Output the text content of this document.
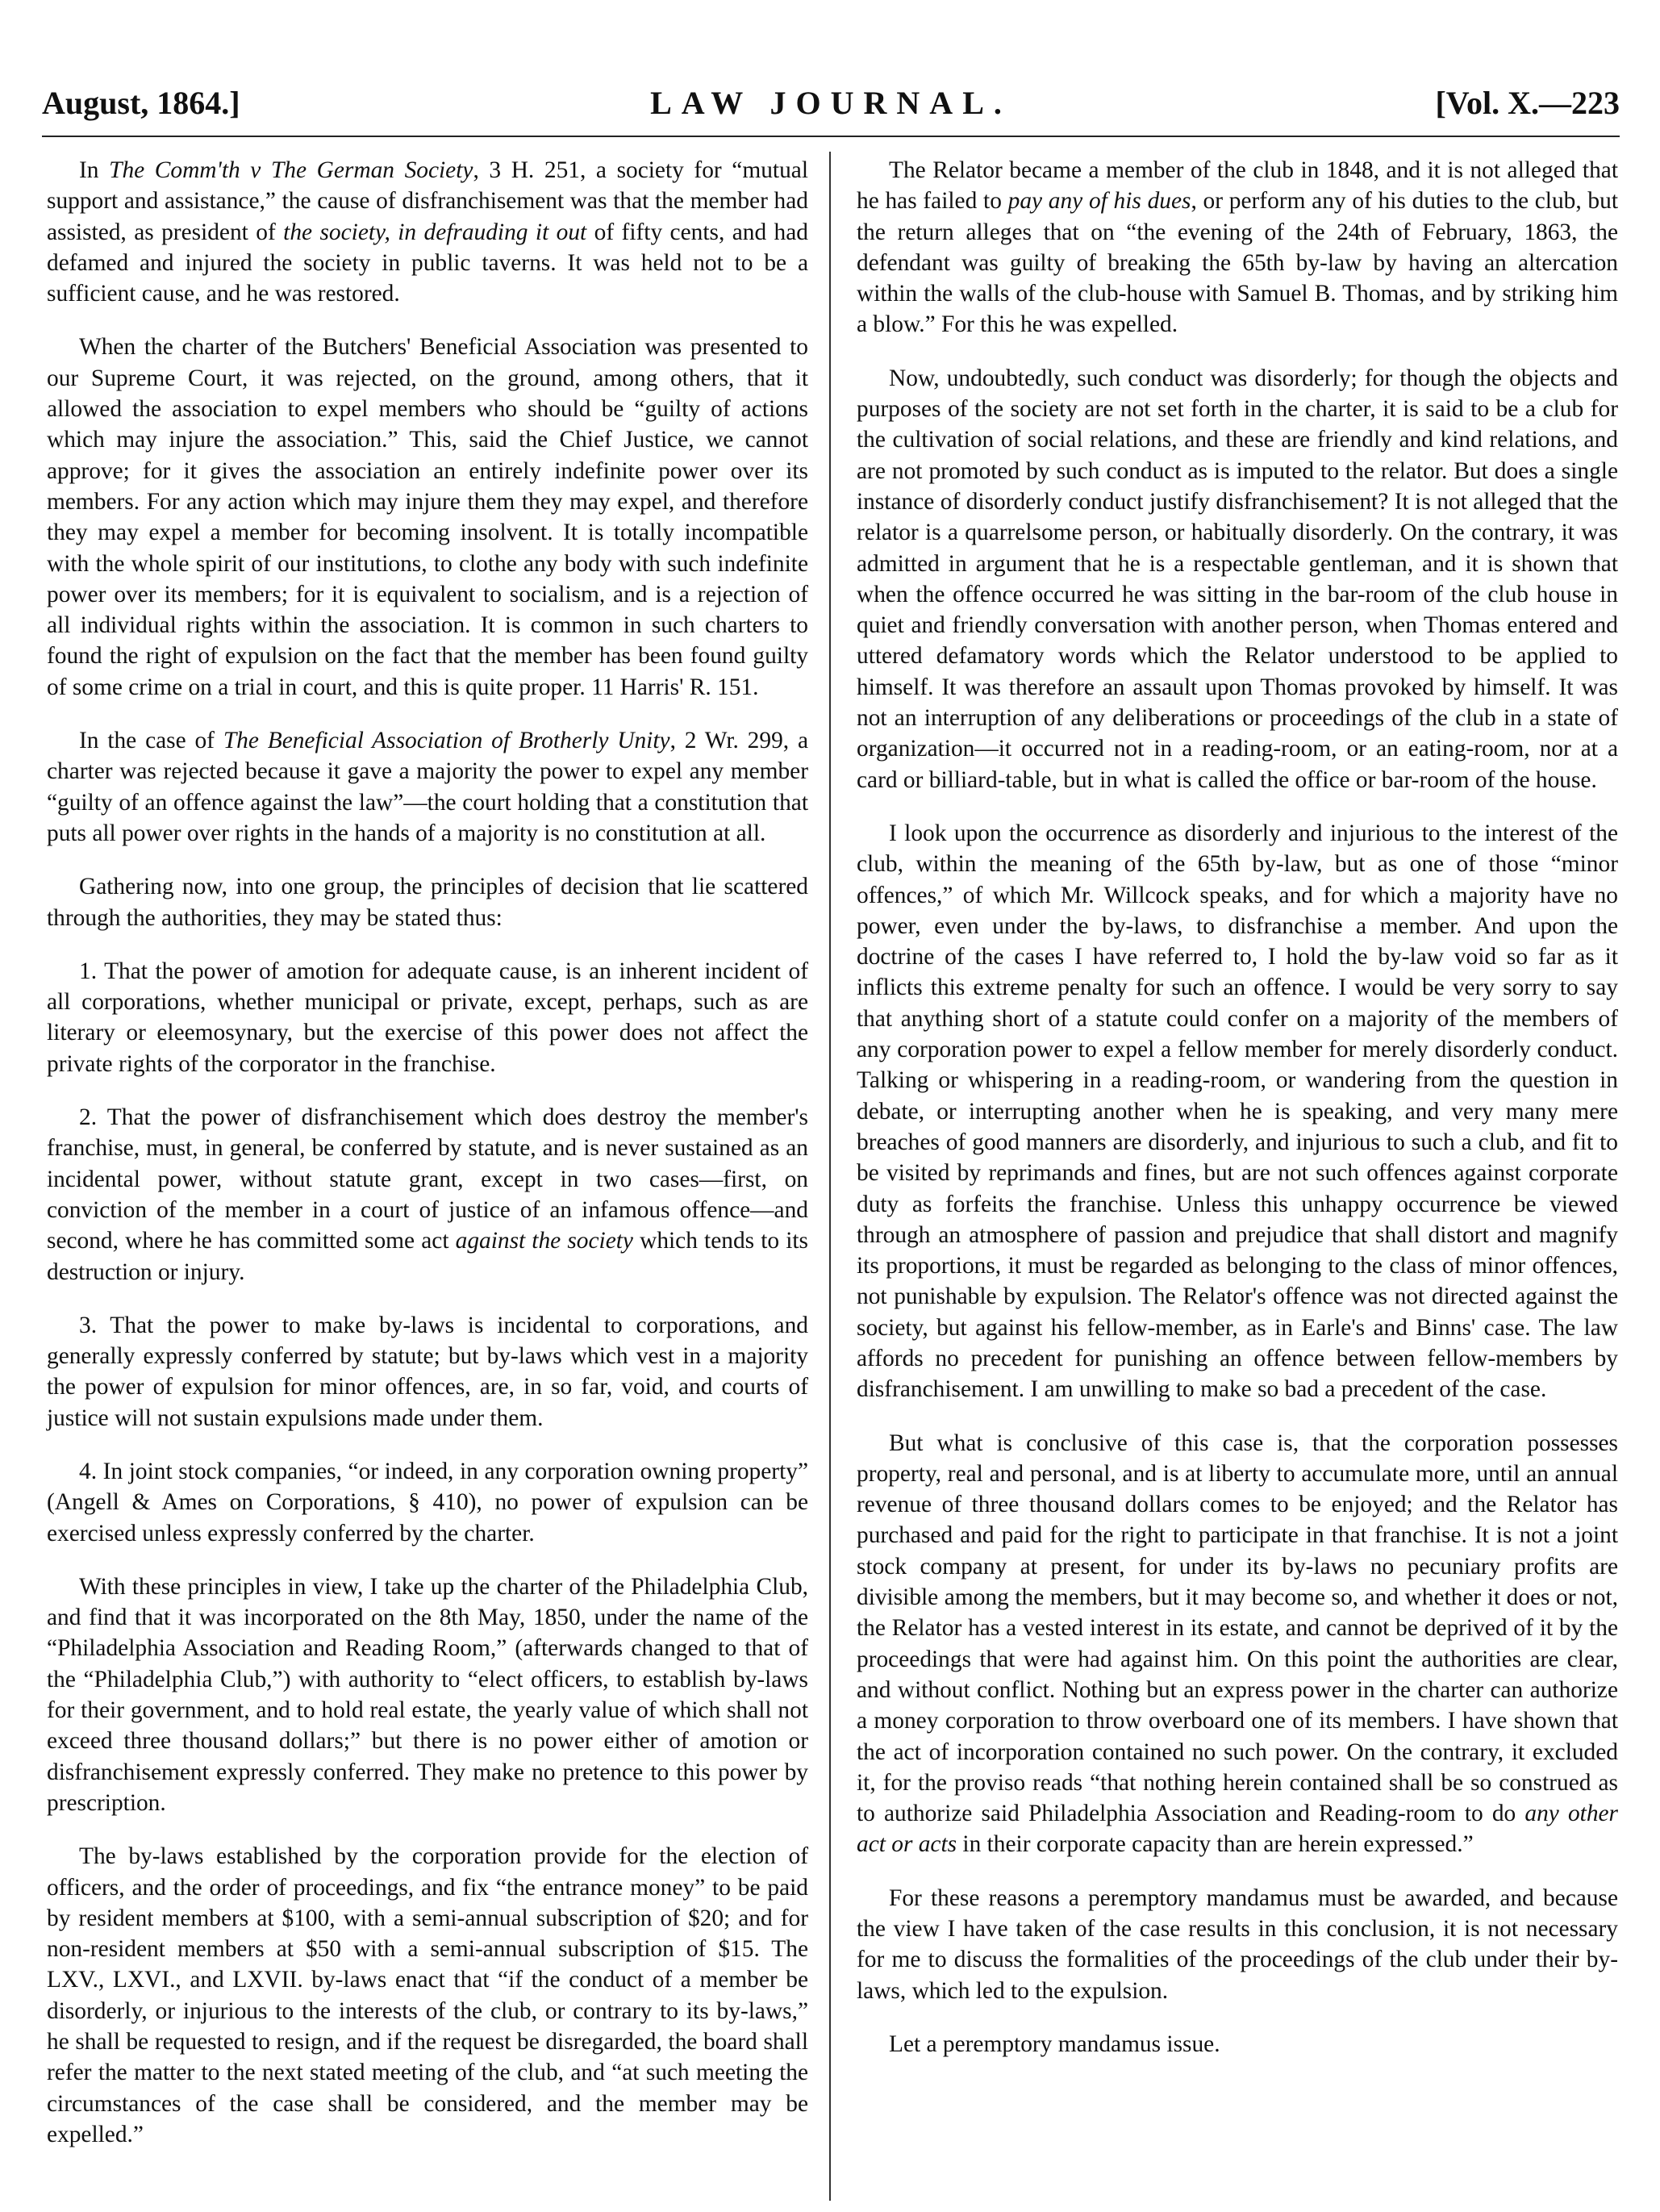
August, 1864.]	LAW JOURNAL.	[Vol. X.—223

In The Comm'th v The German Society, 3 H. 251, a society for “mutual support and assistance,” the cause of disfranchisement was that the member had assisted, as president of the society, in defrauding it out of fifty cents, and had defamed and injured the society in public taverns. It was held not to be a sufficient cause, and he was restored.

When the charter of the Butchers' Beneficial Association was presented to our Supreme Court, it was rejected, on the ground, among others, that it allowed the association to expel members who should be “guilty of actions which may injure the association.” This, said the Chief Justice, we cannot approve; for it gives the association an entirely indefinite power over its members. For any action which may injure them they may expel, and therefore they may expel a member for becoming insolvent. It is totally incompatible with the whole spirit of our institutions, to clothe any body with such indefinite power over its members; for it is equivalent to socialism, and is a rejection of all individual rights within the association. It is common in such charters to found the right of expulsion on the fact that the member has been found guilty of some crime on a trial in court, and this is quite proper. 11 Harris' R. 151.

In the case of The Beneficial Association of Brotherly Unity, 2 Wr. 299, a charter was rejected because it gave a majority the power to expel any member “guilty of an offence against the law”—the court holding that a constitution that puts all power over rights in the hands of a majority is no constitution at all.

Gathering now, into one group, the principles of decision that lie scattered through the authorities, they may be stated thus:

1. That the power of amotion for adequate cause, is an inherent incident of all corporations, whether municipal or private, except, perhaps, such as are literary or eleemosynary, but the exercise of this power does not affect the private rights of the corporator in the franchise.

2. That the power of disfranchisement which does destroy the member's franchise, must, in general, be conferred by statute, and is never sustained as an incidental power, without statute grant, except in two cases—first, on conviction of the member in a court of justice of an infamous offence—and second, where he has committed some act against the society which tends to its destruction or injury.

3. That the power to make by-laws is incidental to corporations, and generally expressly conferred by statute; but by-laws which vest in a majority the power of expulsion for minor offences, are, in so far, void, and courts of justice will not sustain expulsions made under them.

4. In joint stock companies, “or indeed, in any corporation owning property” (Angell & Ames on Corporations, § 410), no power of expulsion can be exercised unless expressly conferred by the charter.

With these principles in view, I take up the charter of the Philadelphia Club, and find that it was incorporated on the 8th May, 1850, under the name of the “Philadelphia Association and Reading Room,” (afterwards changed to that of the “Philadelphia Club,”) with authority to “elect officers, to establish by-laws for their government, and to hold real estate, the yearly value of which shall not exceed three thousand dollars;” but there is no power either of amotion or disfranchisement expressly conferred. They make no pretence to this power by prescription.

The by-laws established by the corporation provide for the election of officers, and the order of proceedings, and fix “the entrance money” to be paid by resident members at $100, with a semi-annual subscription of $20; and for non-resident members at $50 with a semi-annual subscription of $15. The LXV., LXVI., and LXVII. by-laws enact that “if the conduct of a member be disorderly, or injurious to the interests of the club, or contrary to its by-laws,” he shall be requested to resign, and if the request be disregarded, the board shall refer the matter to the next stated meeting of the club, and “at such meeting the circumstances of the case shall be considered, and the member may be expelled.”

The Relator became a member of the club in 1848, and it is not alleged that he has failed to pay any of his dues, or perform any of his duties to the club, but the return alleges that on “the evening of the 24th of February, 1863, the defendant was guilty of breaking the 65th by-law by having an altercation within the walls of the club-house with Samuel B. Thomas, and by striking him a blow.” For this he was expelled.

Now, undoubtedly, such conduct was disorderly; for though the objects and purposes of the society are not set forth in the charter, it is said to be a club for the cultivation of social relations, and these are friendly and kind relations, and are not promoted by such conduct as is imputed to the relator. But does a single instance of disorderly conduct justify disfranchisement? It is not alleged that the relator is a quarrelsome person, or habitually disorderly. On the contrary, it was admitted in argument that he is a respectable gentleman, and it is shown that when the offence occurred he was sitting in the bar-room of the club house in quiet and friendly conversation with another person, when Thomas entered and uttered defamatory words which the Relator understood to be applied to himself. It was therefore an assault upon Thomas provoked by himself. It was not an interruption of any deliberations or proceedings of the club in a state of organization—it occurred not in a reading-room, or an eating-room, nor at a card or billiard-table, but in what is called the office or bar-room of the house.

I look upon the occurrence as disorderly and injurious to the interest of the club, within the meaning of the 65th by-law, but as one of those “minor offences,” of which Mr. Willcock speaks, and for which a majority have no power, even under the by-laws, to disfranchise a member. And upon the doctrine of the cases I have referred to, I hold the by-law void so far as it inflicts this extreme penalty for such an offence. I would be very sorry to say that anything short of a statute could confer on a majority of the members of any corporation power to expel a fellow member for merely disorderly conduct. Talking or whispering in a reading-room, or wandering from the question in debate, or interrupting another when he is speaking, and very many mere breaches of good manners are disorderly, and injurious to such a club, and fit to be visited by reprimands and fines, but are not such offences against corporate duty as forfeits the franchise. Unless this unhappy occurrence be viewed through an atmosphere of passion and prejudice that shall distort and magnify its proportions, it must be regarded as belonging to the class of minor offences, not punishable by expulsion. The Relator's offence was not directed against the society, but against his fellow-member, as in Earle's and Binns' case. The law affords no precedent for punishing an offence between fellow-members by disfranchisement. I am unwilling to make so bad a precedent of the case.

But what is conclusive of this case is, that the corporation possesses property, real and personal, and is at liberty to accumulate more, until an annual revenue of three thousand dollars comes to be enjoyed; and the Relator has purchased and paid for the right to participate in that franchise. It is not a joint stock company at present, for under its by-laws no pecuniary profits are divisible among the members, but it may become so, and whether it does or not, the Relator has a vested interest in its estate, and cannot be deprived of it by the proceedings that were had against him. On this point the authorities are clear, and without conflict. Nothing but an express power in the charter can authorize a money corporation to throw overboard one of its members. I have shown that the act of incorporation contained no such power. On the contrary, it excluded it, for the proviso reads “that nothing herein contained shall be so construed as to authorize said Philadelphia Association and Reading-room to do any other act or acts in their corporate capacity than are herein expressed.”

For these reasons a peremptory mandamus must be awarded, and because the view I have taken of the case results in this conclusion, it is not necessary for me to discuss the formalities of the proceedings of the club under their by-laws, which led to the expulsion.

Let a peremptory mandamus issue.
